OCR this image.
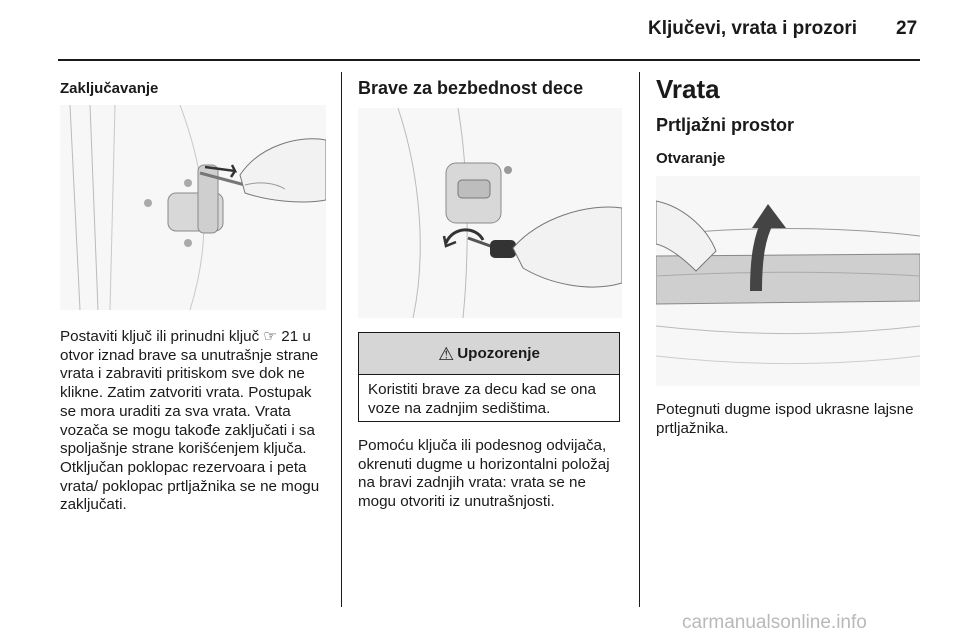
Ključevi, vrata i prozori 27
Zaključavanje

Postaviti ključ ili prinudni ključ ☞ 21 u otvor iznad brave sa unutrašnje strane vrata i zabraviti pritiskom sve dok ne klikne. Zatim zatvoriti vrata. Postupak se mora uraditi za sva vrata. Vrata vozača se mogu takođe zaključati i sa spoljašnje strane korišćenjem ključa. Otključan poklopac rezervoara i peta vrata/ poklopac prtljažnika se ne mogu zaključati.

Brave za bezbednost dece
⚠ Upozorenje
Koristiti brave za decu kad se ona voze na zadnjim sedištima.

Pomoću ključa ili podesnog odvijača, okrenuti dugme u horizontalni položaj na bravi zadnjih vrata: vrata se ne mogu otvoriti iz unutrašnjosti.

Vrata
Prtljažni prostor
Otvaranje

Potegnuti dugme ispod ukrasne lajsne prtljažnika.

carmanualsonline.info
